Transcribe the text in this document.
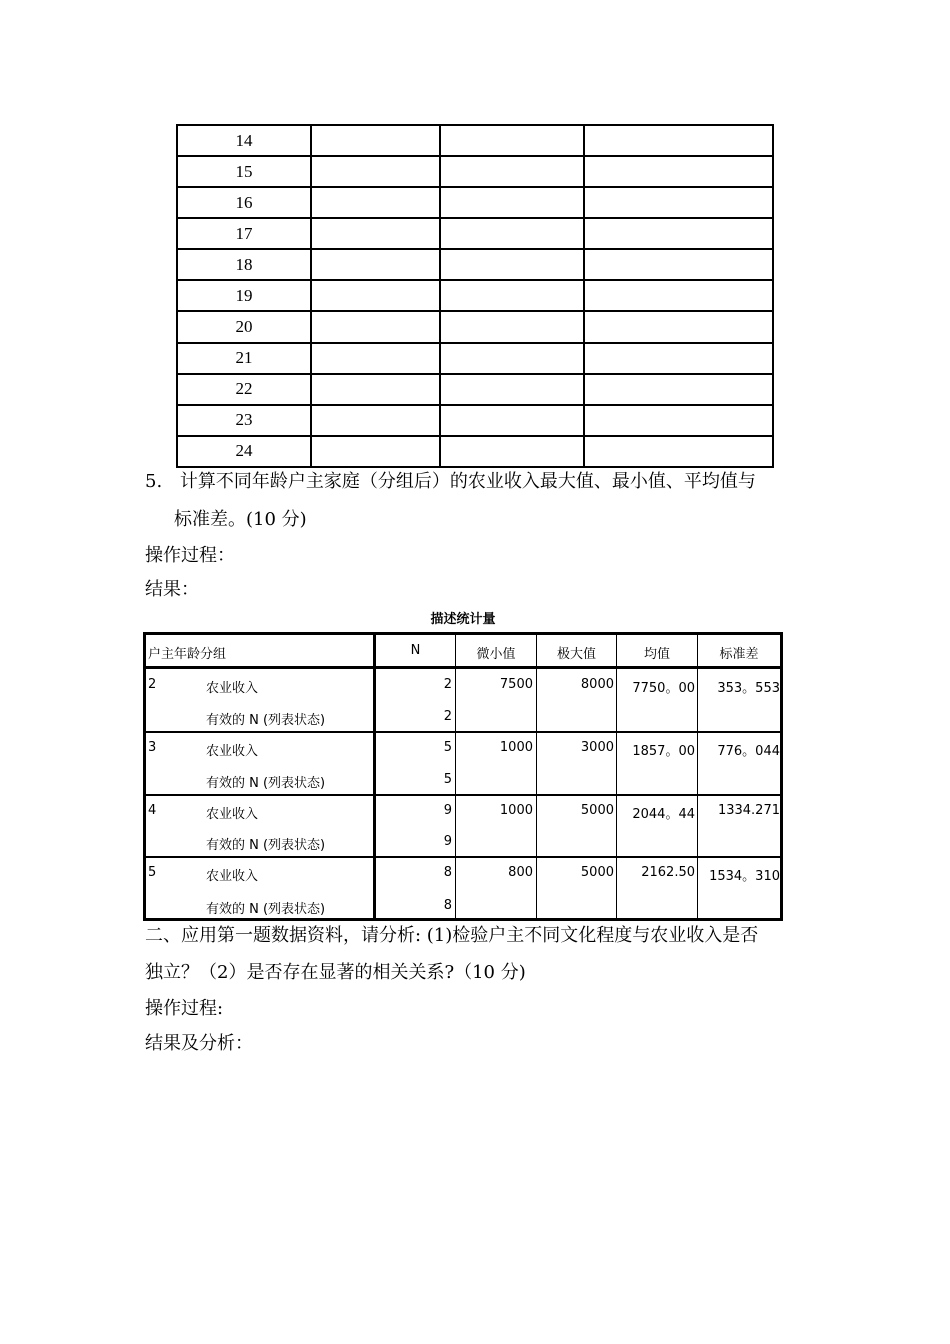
14			
15			
16			
17			
18			
19			
20			
21			
22			
23			
24			
5. 计算不同年龄户主家庭（分组后）的农业收入最大值、最小值、平均值与
标准差。(10 分)
操作过程：
结果：
描述统计量
户主年龄分组	N	微小值	极大值	均值	标准差
2	农业收入	2	7500	8000	7750。00	353。553
有效的 N (列表状态)	2
3	农业收入	5	1000	3000	1857。00	776。044
有效的 N (列表状态)	5
4	农业收入	9	1000	5000	2044。44	1334.271
有效的 N (列表状态)	9
5	农业收入	8	800	5000	2162.50	1534。310
有效的 N (列表状态)	8
二、应用第一题数据资料，请分析: (1)检验户主不同文化程度与农业收入是否
独立？（2）是否存在显著的相关关系?（10 分)
操作过程:
结果及分析：
